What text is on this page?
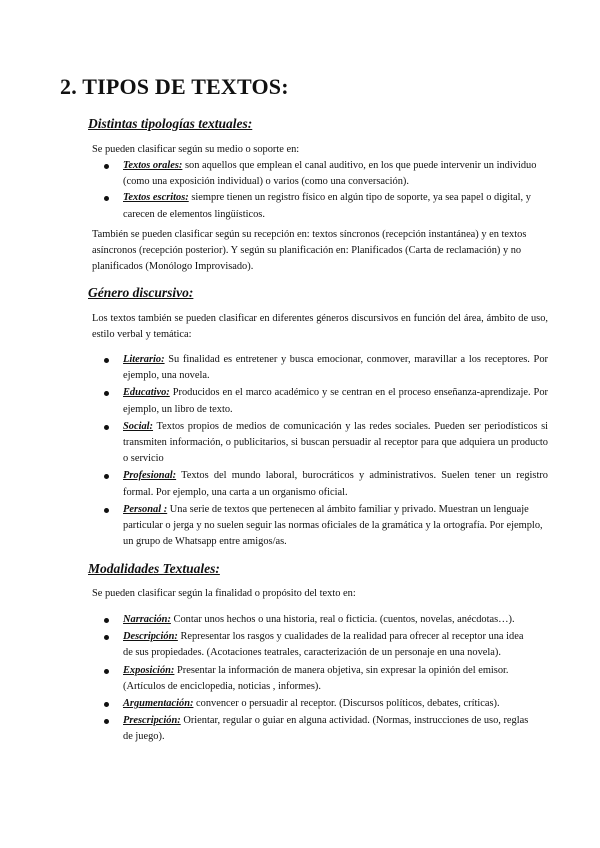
2. TIPOS DE TEXTOS:
Distintas tipologías textuales:

Se pueden clasificar según su medio o soporte en:

Textos orales: son aquellos que emplean el canal auditivo, en los que puede intervenir un individuo (como una exposición individual) o varios (como una conversación).
Textos escritos: siempre tienen un registro físico en algún tipo de soporte, ya sea papel o digital, y carecen de elementos lingüísticos.

También se pueden clasificar según su recepción en: textos síncronos (recepción instantánea) y en textos asíncronos (recepción posterior). Y según su planificación en: Planificados (Carta de reclamación) y no planificados (Monólogo Improvisado).

Género discursivo:

Los textos también se pueden clasificar en diferentes géneros discursivos en función del área, ámbito de uso, estilo verbal y temática:

Literario: Su finalidad es entretener y busca emocionar, conmover, maravillar a los receptores. Por ejemplo, una novela.
Educativo: Producidos en el marco académico y se centran en el proceso enseñanza-aprendizaje. Por ejemplo, un libro de texto.
Social: Textos propios de medios de comunicación y las redes sociales. Pueden ser periodísticos si transmiten información, o publicitarios, si buscan persuadir al receptor para que adquiera un producto o servicio
Profesional: Textos del mundo laboral, burocráticos y administrativos. Suelen tener un registro formal. Por ejemplo, una carta a un organismo oficial.
Personal : Una serie de textos que pertenecen al ámbito familiar y privado. Muestran un lenguaje particular o jerga y no suelen seguir las normas oficiales de la gramática y la ortografía. Por ejemplo, un grupo de Whatsapp entre amigos/as.
Modalidades Textuales:

Se pueden clasificar según la finalidad o propósito del texto en:

Narración: Contar unos hechos o una historia, real o ficticia. (cuentos, novelas, anécdotas…).
Descripción: Representar los rasgos y cualidades de la realidad para ofrecer al receptor una idea de sus propiedades. (Acotaciones teatrales, caracterización de un personaje en una novela).
Exposición: Presentar la información de manera objetiva, sin expresar la opinión del emisor. (Artículos de enciclopedia, noticias , informes).
Argumentación: convencer o persuadir al receptor. (Discursos políticos, debates, críticas).
Prescripción: Orientar, regular o guiar en alguna actividad. (Normas, instrucciones de uso, reglas de juego).
